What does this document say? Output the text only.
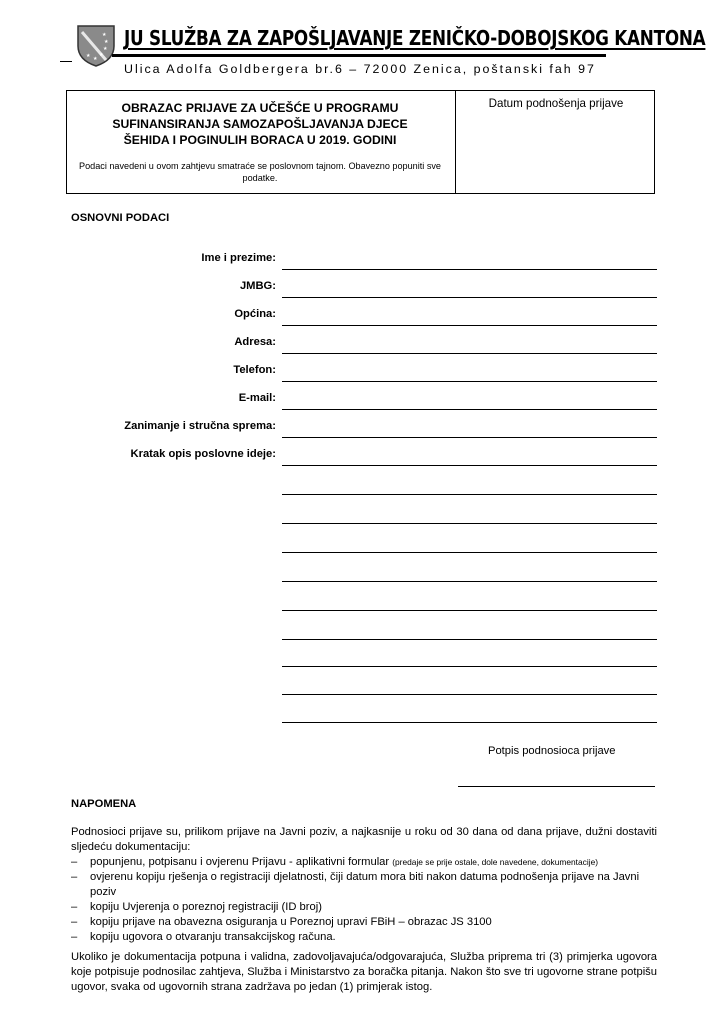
★
★
★
★
★
★
JU SLUŽBA ZA ZAPOŠLJAVANJE ZENIČKO-DOBOJSKOG KANTONA
Ulica Adolfa Goldbergera br.6 – 72000 Zenica, poštanski fah 97
OBRAZAC PRIJAVE ZA UČEŠĆE U PROGRAMU
SUFINANSIRANJA SAMOZAPOŠLJAVANJA DJECE
ŠEHIDA I POGINULIH BORACA U 2019. GODINI
Podaci navedeni u ovom zahtjevu smatraće se poslovnom tajnom. Obavezno popuniti sve podatke.
Datum podnošenja prijave
OSNOVNI PODACI
Ime i prezime:
JMBG:
Općina:
Adresa:
Telefon:
E-mail:
Zanimanje i stručna sprema:
Kratak opis poslovne ideje:
Potpis podnosioca prijave
NAPOMENA
Podnosioci prijave su, prilikom prijave na Javni poziv, a najkasnije u roku od 30 dana od dana prijave, dužni dostaviti sljedeću dokumentaciju:
– popunjenu, potpisanu i ovjerenu Prijavu - aplikativni formular (predaje se prije ostale, dole navedene, dokumentacije)
– ovjerenu kopiju rješenja o registraciji djelatnosti, čiji datum mora biti nakon datuma podnošenja prijave na Javni poziv
– kopiju Uvjerenja o poreznoj registraciji (ID broj)
– kopiju prijave na obavezna osiguranja u Poreznoj upravi FBiH – obrazac JS 3100
– kopiju ugovora o otvaranju transakcijskog računa.
Ukoliko je dokumentacija potpuna i validna, zadovoljavajuća/odgovarajuća, Služba priprema tri (3) primjerka ugovora koje potpisuje podnosilac zahtjeva, Služba i Ministarstvo za boračka pitanja. Nakon što sve tri ugovorne strane potpišu ugovor, svaka od ugovornih strana zadržava po jedan (1) primjerak istog.
